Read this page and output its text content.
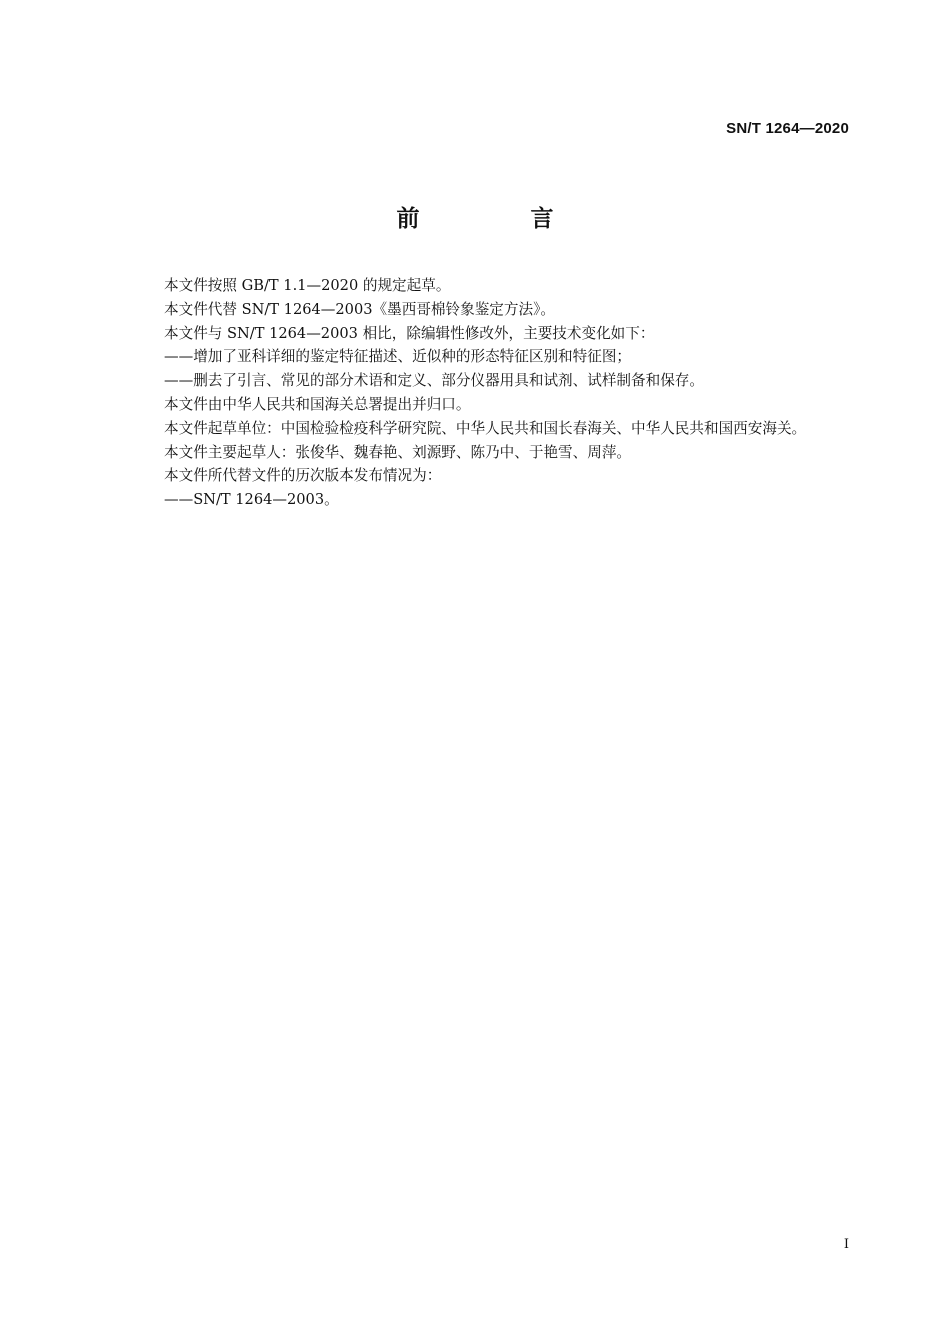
SN/T 1264—2020
前　言

本文件按照 GB/T 1.1—2020 的规定起草。

本文件代替 SN/T 1264—2003《墨西哥棉铃象鉴定方法》。

本文件与 SN/T 1264—2003 相比，除编辑性修改外，主要技术变化如下：

——增加了亚科详细的鉴定特征描述、近似种的形态特征区别和特征图；

——删去了引言、常见的部分术语和定义、部分仪器用具和试剂、试样制备和保存。

本文件由中华人民共和国海关总署提出并归口。

本文件起草单位：中国检验检疫科学研究院、中华人民共和国长春海关、中华人民共和国西安海关。

本文件主要起草人：张俊华、魏春艳、刘源野、陈乃中、于艳雪、周萍。

本文件所代替文件的历次版本发布情况为：

——SN/T 1264—2003。

I
